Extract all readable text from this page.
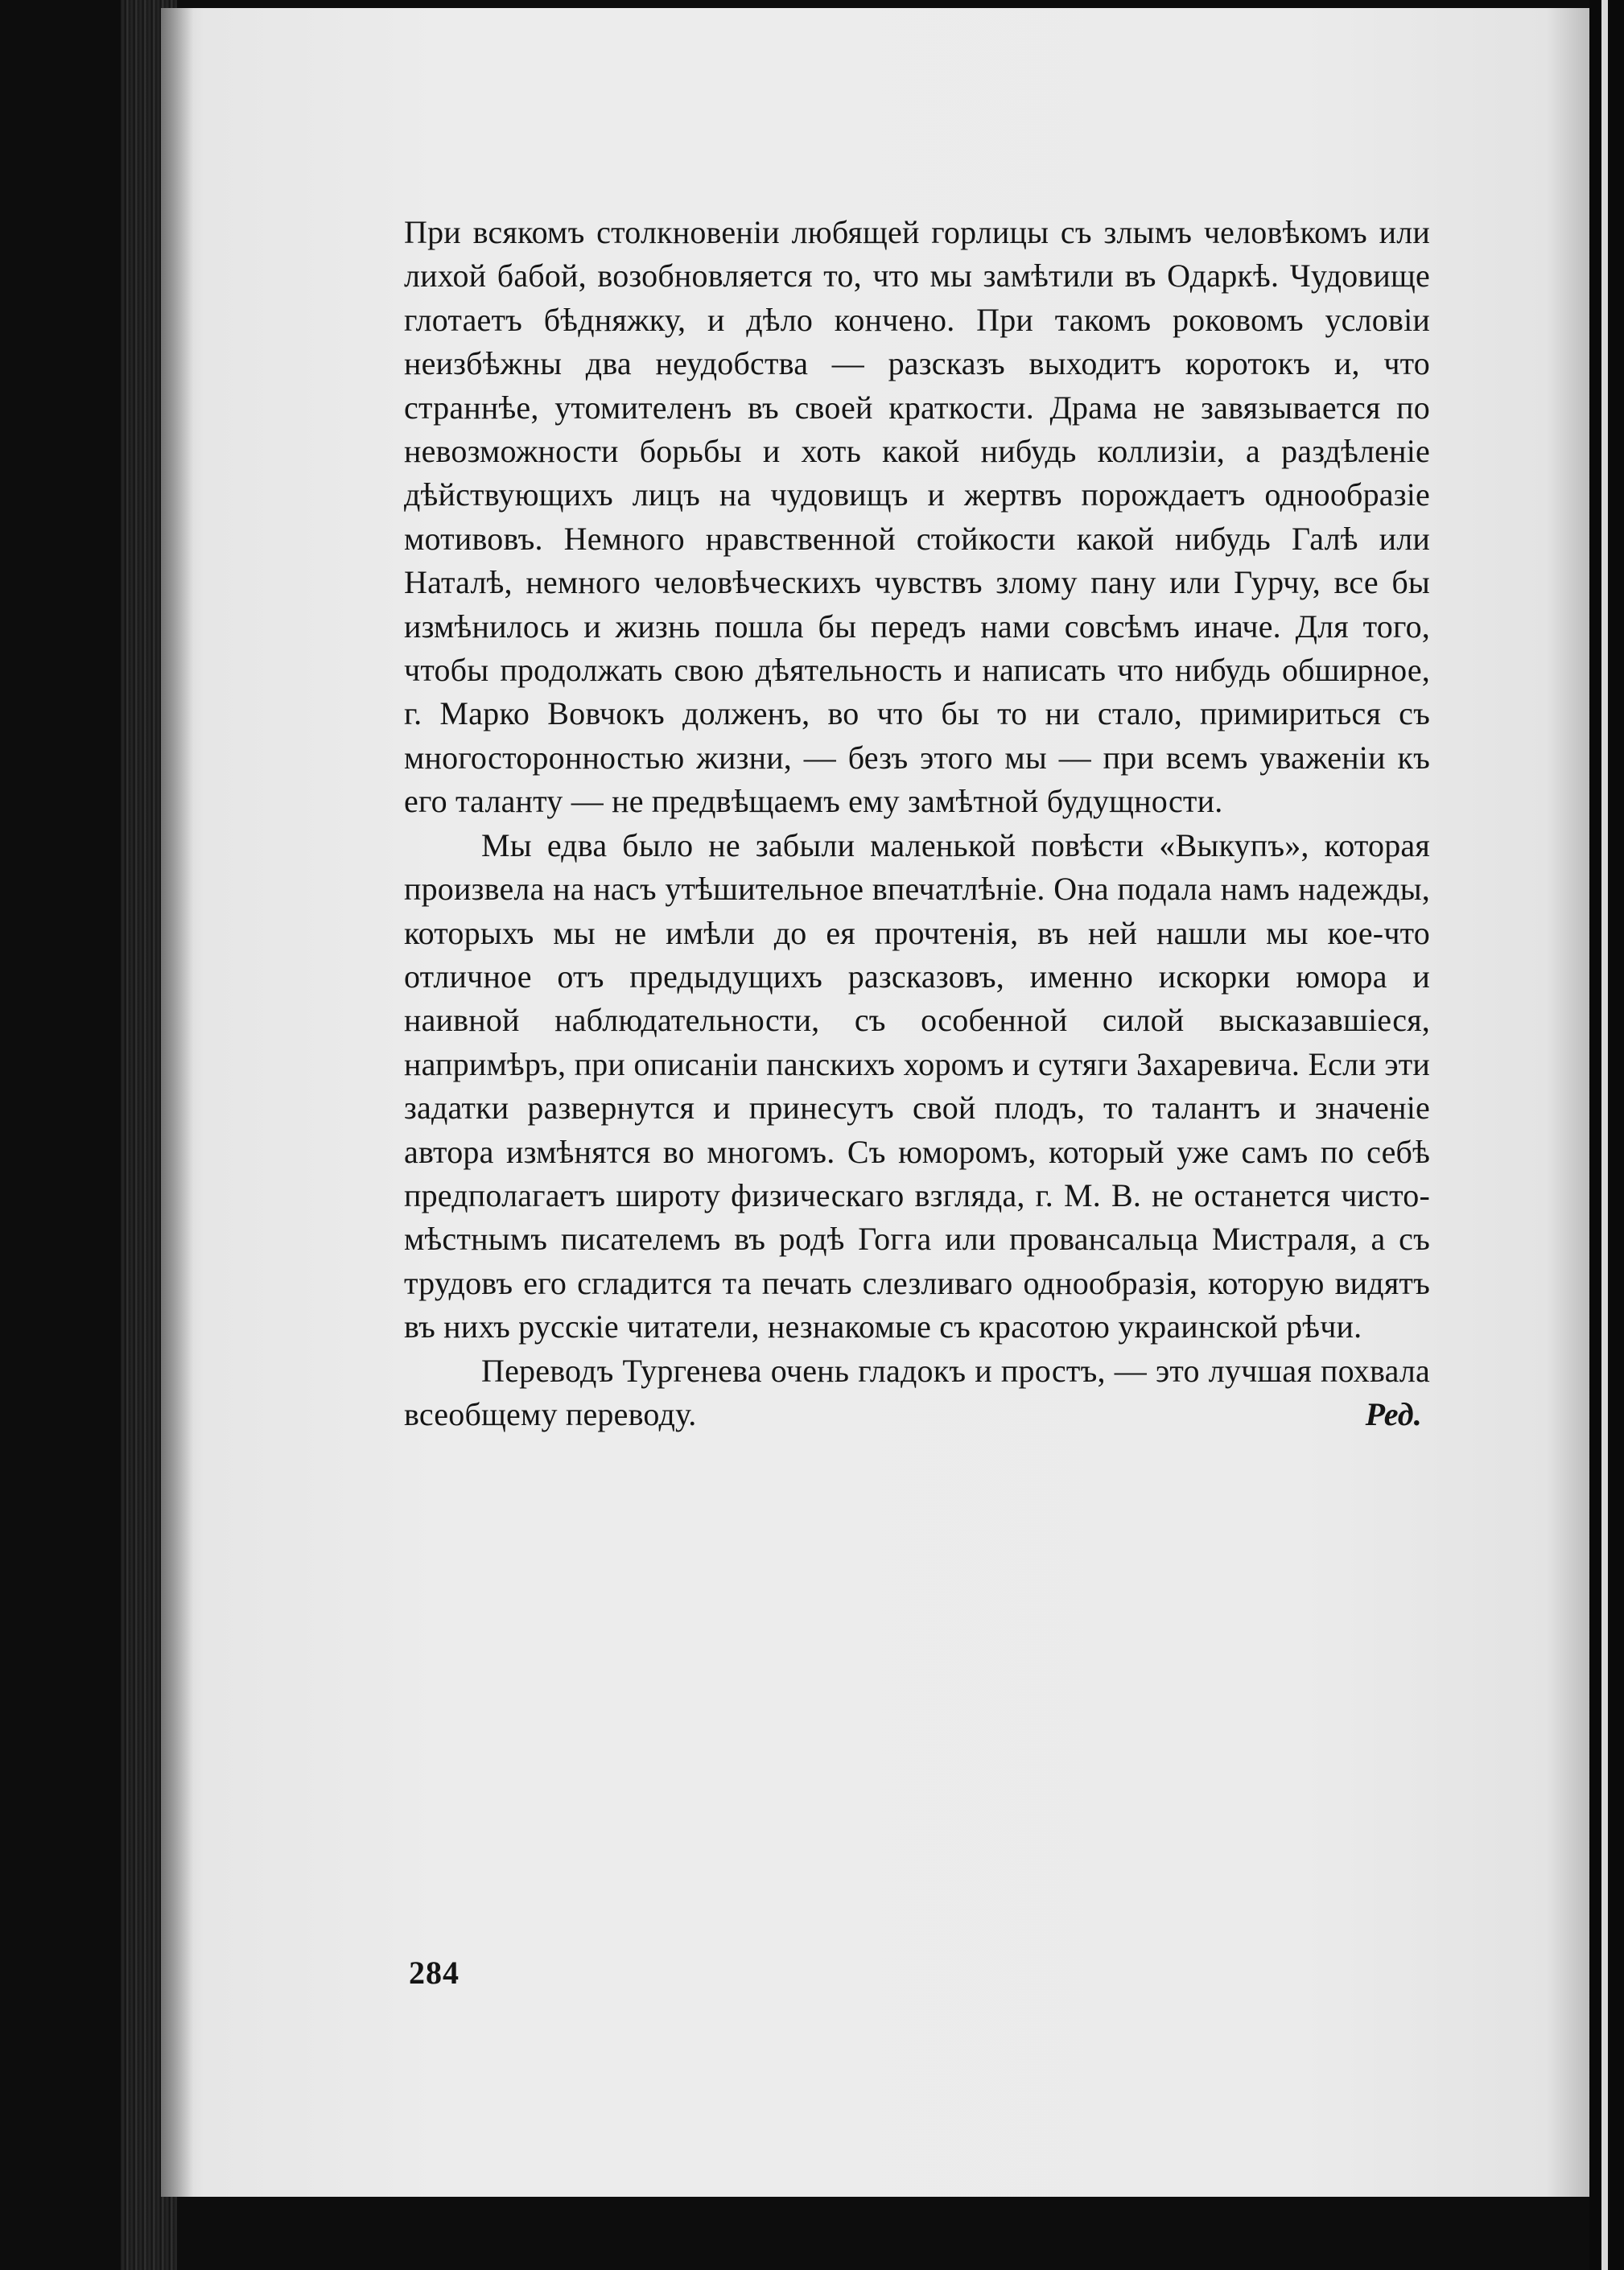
При всякомъ столкновеніи любящей горлицы съ злымъ человѣкомъ или лихой бабой, возобновляется то, что мы замѣтили въ Одаркѣ. Чудовище глотаетъ бѣдняжку, и дѣло кончено. При такомъ роковомъ условіи неизбѣжны два неудобства — разсказъ выходитъ коротокъ и, что страннѣе, утомителенъ въ своей краткости. Драма не завязывается по невозможности борьбы и хоть какой нибудь коллизіи, а раздѣленіе дѣйствующихъ лицъ на чудовищъ и жертвъ порождаетъ однообразіе мотивовъ. Немного нравственной стойкости какой нибудь Галѣ или Наталѣ, немного человѣческихъ чувствъ злому пану или Гурчу, все бы измѣнилось и жизнь пошла бы передъ нами совсѣмъ иначе. Для того, чтобы продолжать свою дѣятельность и написать что нибудь обширное, г. Марко Вовчокъ долженъ, во что бы то ни стало, примириться съ многосторонностью жизни, — безъ этого мы — при всемъ уваженіи къ его таланту — не предвѣщаемъ ему замѣтной будущности.

Мы едва было не забыли маленькой повѣсти «Выкупъ», которая произвела на насъ утѣшительное впечатлѣніе. Она подала намъ надежды, которыхъ мы не имѣли до ея прочтенія, въ ней нашли мы кое-что отличное отъ предыдущихъ разсказовъ, именно искорки юмора и наивной наблюдательности, съ особенной силой высказавшіеся, напримѣръ, при описаніи панскихъ хоромъ и сутяги Захаревича. Если эти задатки развернутся и принесутъ свой плодъ, то талантъ и значеніе автора измѣнятся во многомъ. Съ юморомъ, который уже самъ по себѣ предполагаетъ широту физическаго взгляда, г. М. В. не останется чисто-мѣстнымъ писателемъ въ родѣ Гогга или провансальца Мистраля, а съ трудовъ его сгладится та печать слезливаго однообразія, которую видятъ въ нихъ русскіе читатели, незнакомые съ красотою украинской рѣчи.

Переводъ Тургенева очень гладокъ и простъ, — это лучшая похвала всеобщему переводу.	Ред.

284
